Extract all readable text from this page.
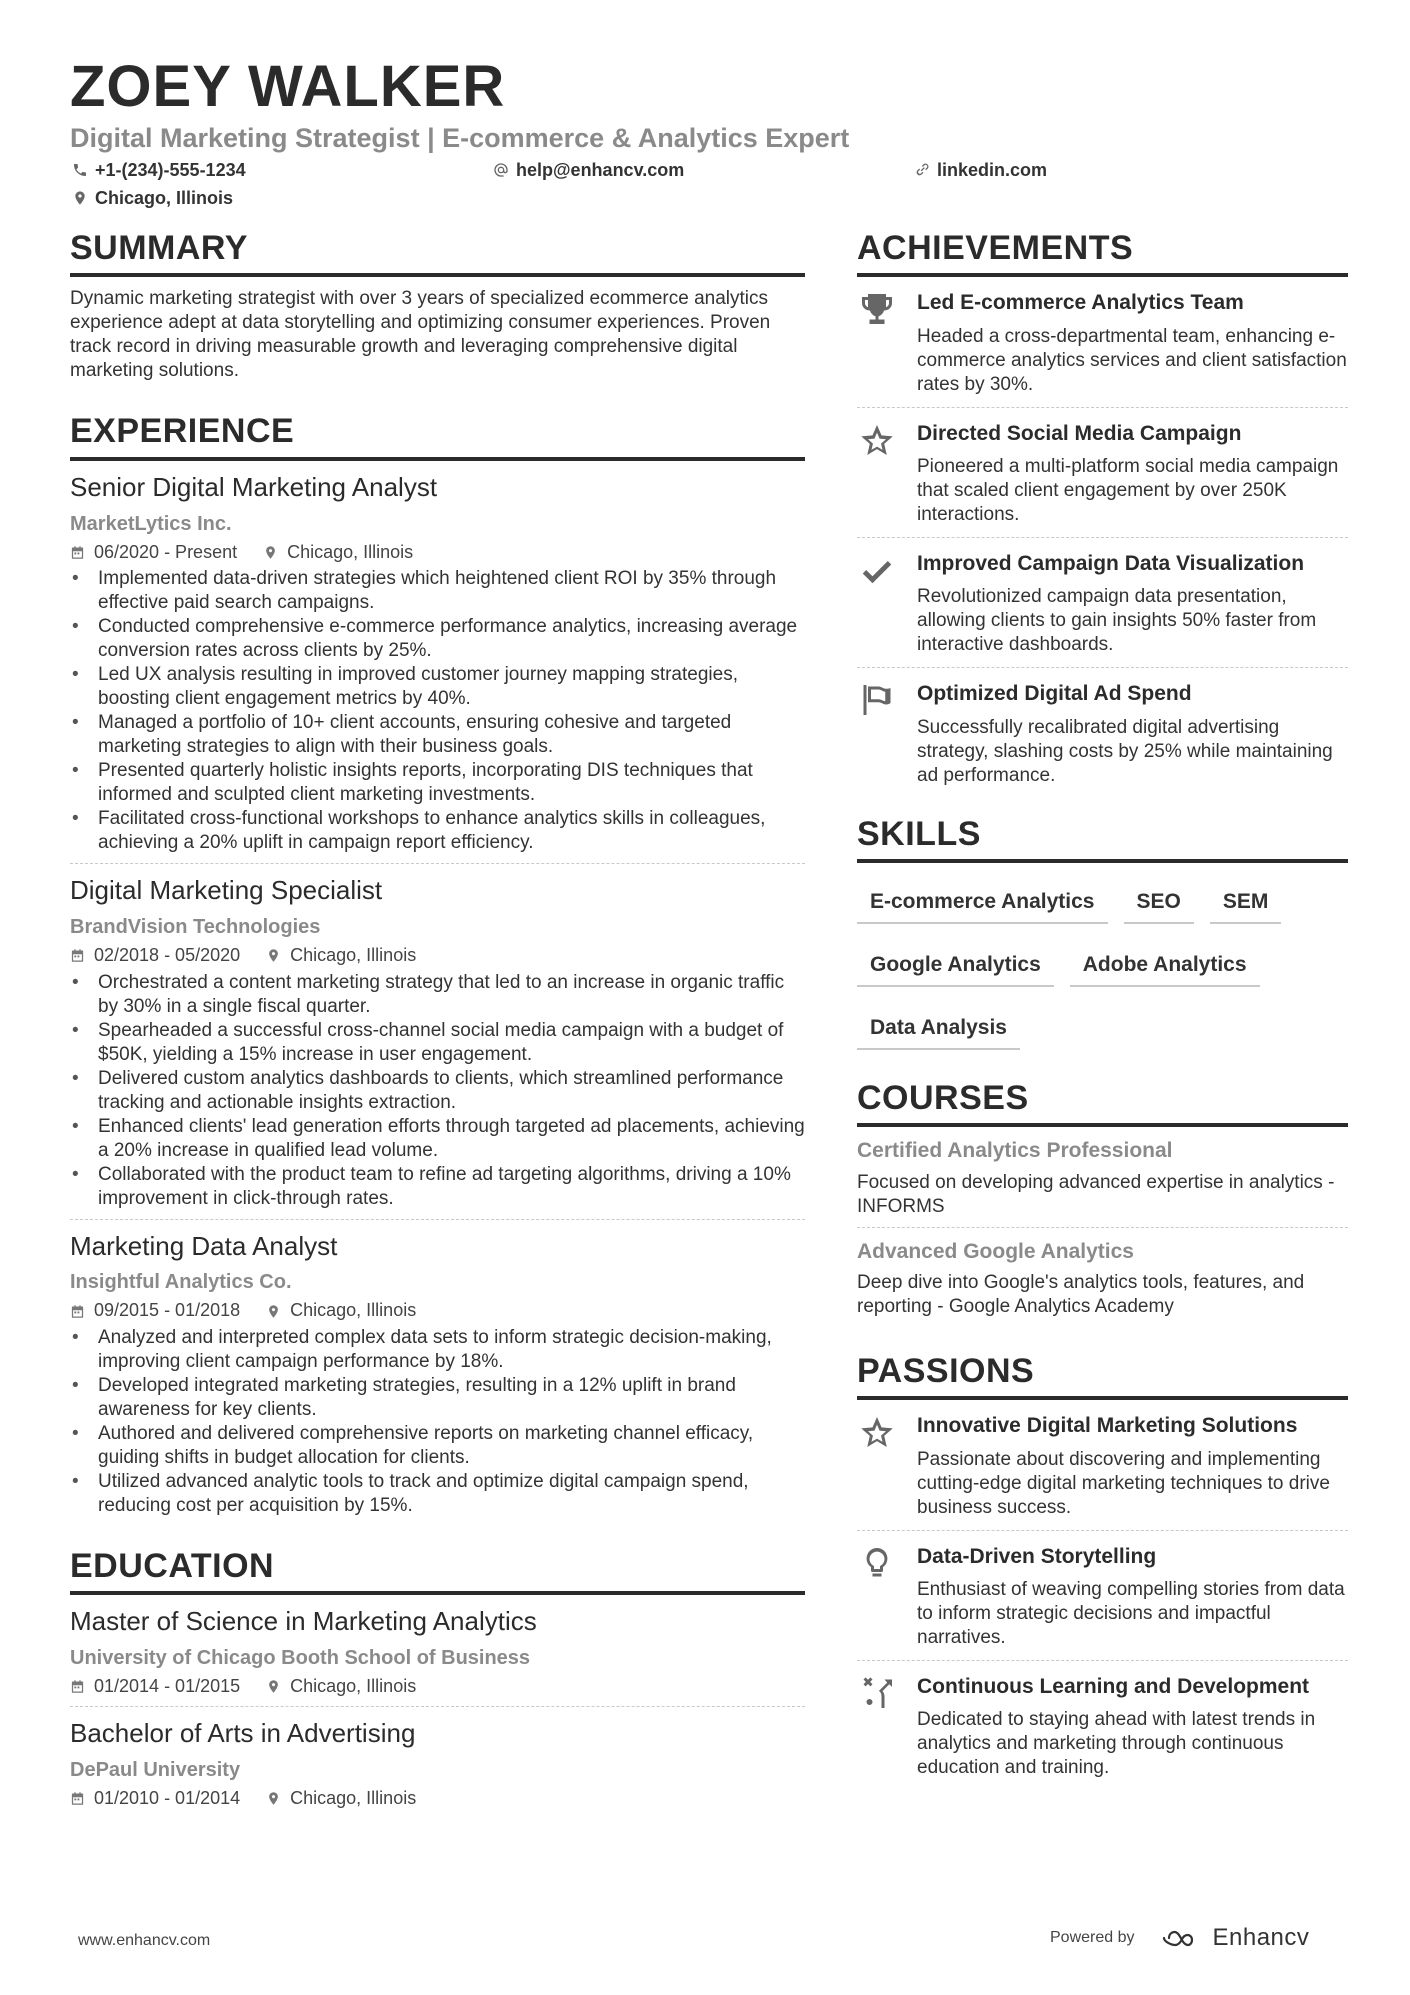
ZOEY WALKER
Digital Marketing Strategist | E-commerce & Analytics Expert
+1-(234)-555-1234	help@enhancv.com	linkedin.com
Chicago, Illinois
SUMMARY

Dynamic marketing strategist with over 3 years of specialized ecommerce analytics experience adept at data storytelling and optimizing consumer experiences. Proven track record in driving measurable growth and leveraging comprehensive digital marketing solutions.

EXPERIENCE
Senior Digital Marketing Analyst
MarketLytics Inc.
06/2020 - Present	Chicago, Illinois
• Implemented data-driven strategies which heightened client ROI by 35% through effective paid search campaigns.
• Conducted comprehensive e-commerce performance analytics, increasing average conversion rates across clients by 25%.
• Led UX analysis resulting in improved customer journey mapping strategies, boosting client engagement metrics by 40%.
• Managed a portfolio of 10+ client accounts, ensuring cohesive and targeted marketing strategies to align with their business goals.
• Presented quarterly holistic insights reports, incorporating DIS techniques that informed and sculpted client marketing investments.
• Facilitated cross-functional workshops to enhance analytics skills in colleagues, achieving a 20% uplift in campaign report efficiency.
Digital Marketing Specialist
BrandVision Technologies
02/2018 - 05/2020	Chicago, Illinois
• Orchestrated a content marketing strategy that led to an increase in organic traffic by 30% in a single fiscal quarter.
• Spearheaded a successful cross-channel social media campaign with a budget of $50K, yielding a 15% increase in user engagement.
• Delivered custom analytics dashboards to clients, which streamlined performance tracking and actionable insights extraction.
• Enhanced clients' lead generation efforts through targeted ad placements, achieving a 20% increase in qualified lead volume.
• Collaborated with the product team to refine ad targeting algorithms, driving a 10% improvement in click-through rates.
Marketing Data Analyst
Insightful Analytics Co.
09/2015 - 01/2018	Chicago, Illinois
• Analyzed and interpreted complex data sets to inform strategic decision-making, improving client campaign performance by 18%.
• Developed integrated marketing strategies, resulting in a 12% uplift in brand awareness for key clients.
• Authored and delivered comprehensive reports on marketing channel efficacy, guiding shifts in budget allocation for clients.
• Utilized advanced analytic tools to track and optimize digital campaign spend, reducing cost per acquisition by 15%.
EDUCATION
Master of Science in Marketing Analytics
University of Chicago Booth School of Business
01/2014 - 01/2015	Chicago, Illinois
Bachelor of Arts in Advertising
DePaul University
01/2010 - 01/2014	Chicago, Illinois
ACHIEVEMENTS
Led E-commerce Analytics Team
Headed a cross-departmental team, enhancing e-commerce analytics services and client satisfaction rates by 30%.
Directed Social Media Campaign
Pioneered a multi-platform social media campaign that scaled client engagement by over 250K interactions.
Improved Campaign Data Visualization
Revolutionized campaign data presentation, allowing clients to gain insights 50% faster from interactive dashboards.
Optimized Digital Ad Spend
Successfully recalibrated digital advertising strategy, slashing costs by 25% while maintaining ad performance.
SKILLS
E-commerce Analytics	SEO	SEM
Google Analytics	Adobe Analytics
Data Analysis
COURSES
Certified Analytics Professional
Focused on developing advanced expertise in analytics - INFORMS
Advanced Google Analytics
Deep dive into Google's analytics tools, features, and reporting - Google Analytics Academy
PASSIONS
Innovative Digital Marketing Solutions
Passionate about discovering and implementing cutting-edge digital marketing techniques to drive business success.
Data-Driven Storytelling
Enthusiast of weaving compelling stories from data to inform strategic decisions and impactful narratives.
Continuous Learning and Development
Dedicated to staying ahead with latest trends in analytics and marketing through continuous education and training.
www.enhancv.com	Powered by	Enhancv
